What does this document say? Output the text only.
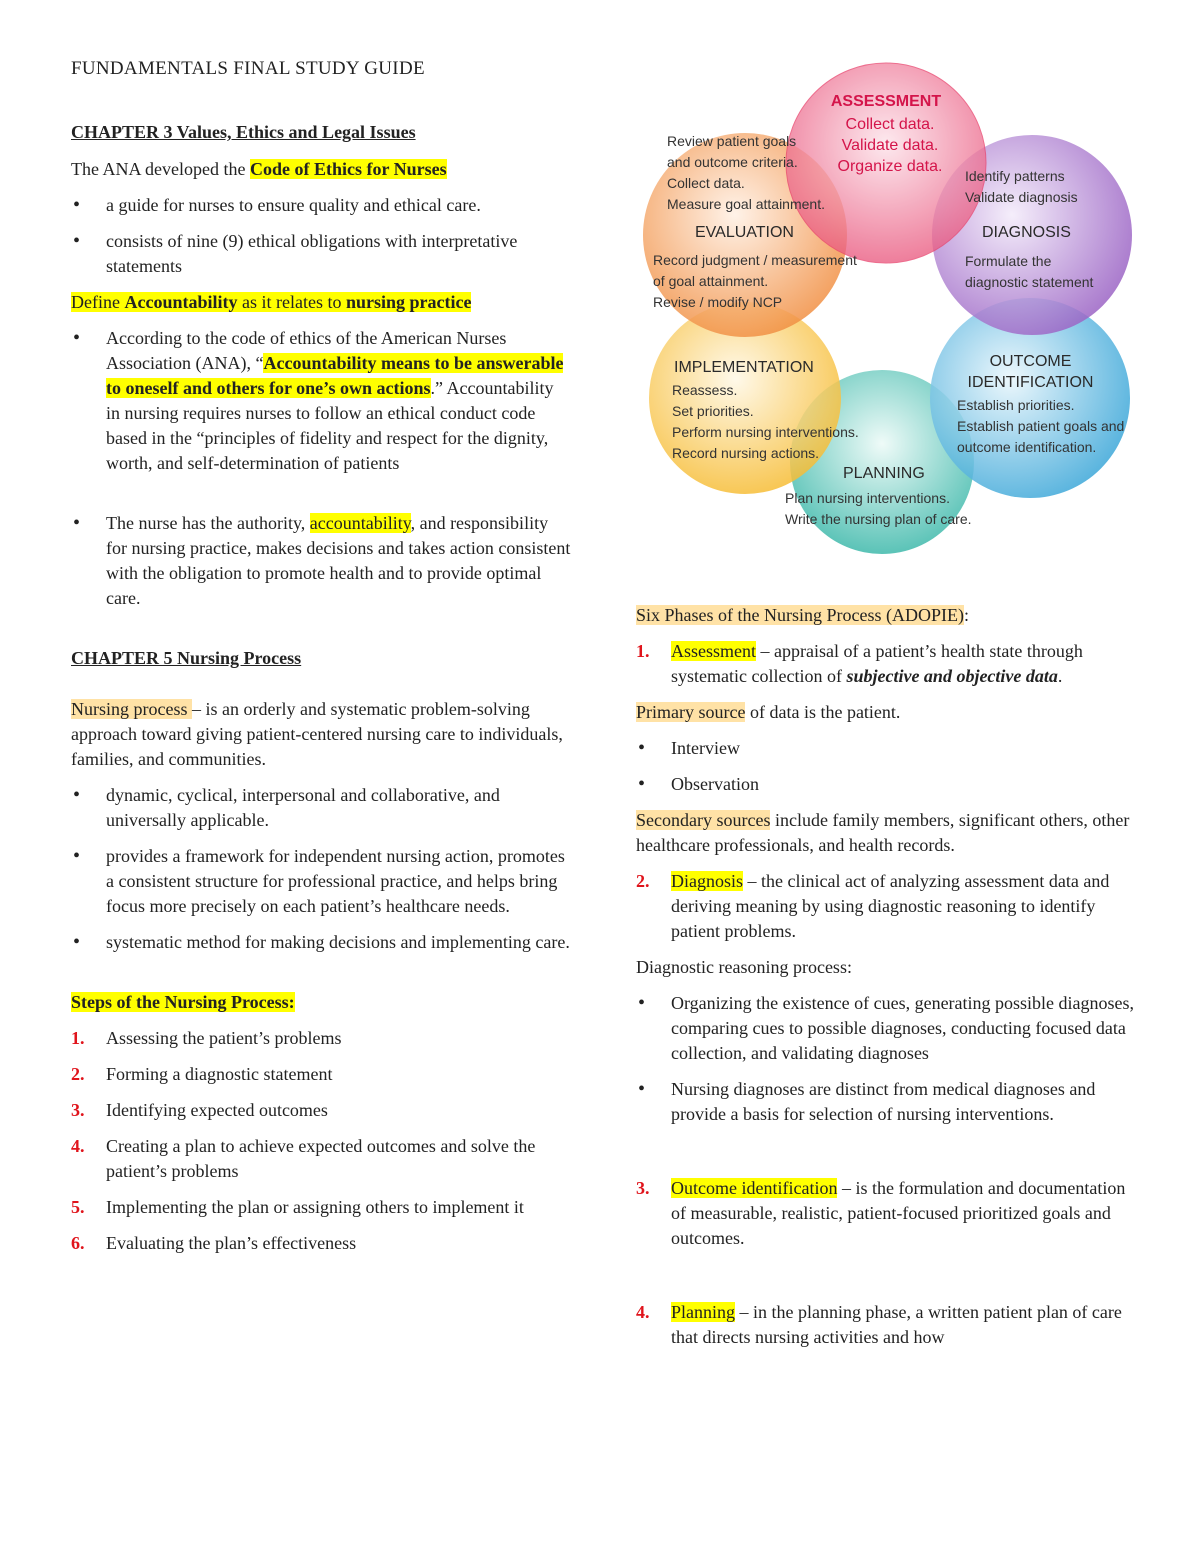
FUNDAMENTALS FINAL STUDY GUIDE
CHAPTER 3 Values, Ethics and Legal Issues

The ANA developed the Code of Ethics for Nurses

• a guide for nurses to ensure quality and ethical care.
• consists of nine (9) ethical obligations with interpretative statements

Define Accountability as it relates to nursing practice

• According to the code of ethics of the American Nurses Association (ANA), “Accountability means to be answerable to oneself and others for one’s own actions.” Accountability in nursing requires nurses to follow an ethical conduct code based in the “principles of fidelity and respect for the dignity, worth, and self-determination of patients
• The nurse has the authority, accountability, and responsibility for nursing practice, makes decisions and takes action consistent with the obligation to promote health and to provide optimal care.
CHAPTER 5 Nursing Process

Nursing process – is an orderly and systematic problem-solving approach toward giving patient-centered nursing care to individuals, families, and communities.

• dynamic, cyclical, interpersonal and collaborative, and universally applicable.
• provides a framework for independent nursing action, promotes a consistent structure for professional practice, and helps bring focus more precisely on each patient’s healthcare needs.
• systematic method for making decisions and implementing care.

Steps of the Nursing Process:

1. Assessing the patient’s problems
2. Forming a diagnostic statement
3. Identifying expected outcomes
4. Creating a plan to achieve expected outcomes and solve the patient’s problems
5. Implementing the plan or assigning others to implement it
6. Evaluating the plan’s effectiveness
ASSESSMENT
Collect data.
Validate data.
Organize data.
Review patient goals
and outcome criteria.
Collect data.
Measure goal attainment.
EVALUATION
Record judgment / measurement
of goal attainment.
Revise / modify NCP
Identify patterns
Validate diagnosis
DIAGNOSIS
Formulate the
diagnostic statement
OUTCOME
IDENTIFICATION
Establish priorities.
Establish patient goals and
outcome identification.
IMPLEMENTATION
Reassess.
Set priorities.
Perform nursing interventions.
Record nursing actions.
PLANNING
Plan nursing interventions.
Write the nursing plan of care.

Six Phases of the Nursing Process (ADOPIE):

1. Assessment – appraisal of a patient’s health state through systematic collection of subjective and objective data.

Primary source of data is the patient.

• Interview
• Observation

Secondary sources include family members, significant others, other healthcare professionals, and health records.

2. Diagnosis – the clinical act of analyzing assessment data and deriving meaning by using diagnostic reasoning to identify patient problems.

Diagnostic reasoning process:

• Organizing the existence of cues, generating possible diagnoses, comparing cues to possible diagnoses, conducting focused data collection, and validating diagnoses
• Nursing diagnoses are distinct from medical diagnoses and provide a basis for selection of nursing interventions.
3. Outcome identification – is the formulation and documentation of measurable, realistic, patient-focused prioritized goals and outcomes.
4. Planning – in the planning phase, a written patient plan of care that directs nursing activities and how
